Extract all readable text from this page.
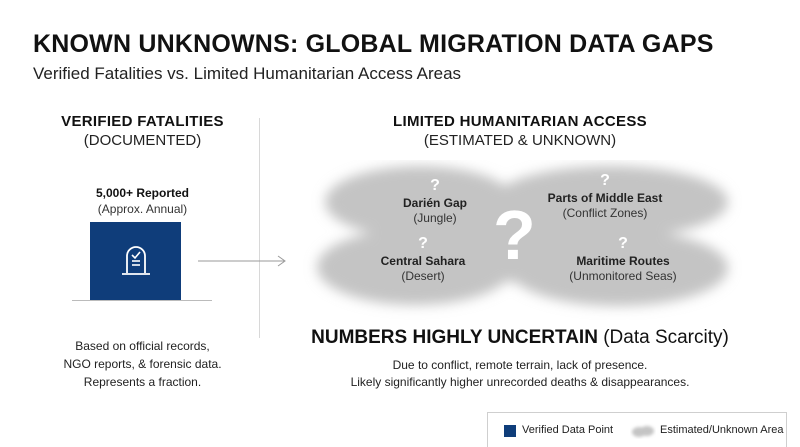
KNOWN UNKNOWNS: GLOBAL MIGRATION DATA GAPS
Verified Fatalities vs. Limited Humanitarian Access Areas
VERIFIED FATALITIES
(DOCUMENTED)
5,000+ Reported
(Approx. Annual)
Based on official records,
NGO reports, & forensic data.
Represents a fraction.
LIMITED HUMANITARIAN ACCESS
(ESTIMATED & UNKNOWN)
?
Darién Gap
(Jungle)
?
Parts of Middle East
(Conflict Zones)
?
Central Sahara
(Desert)
?
Maritime Routes
(Unmonitored Seas)
?
NUMBERS HIGHLY UNCERTAIN (Data Scarcity)
Due to conflict, remote terrain, lack of presence.
Likely significantly higher unrecorded deaths & disappearances.
Verified Data Point	Estimated/Unknown Area
